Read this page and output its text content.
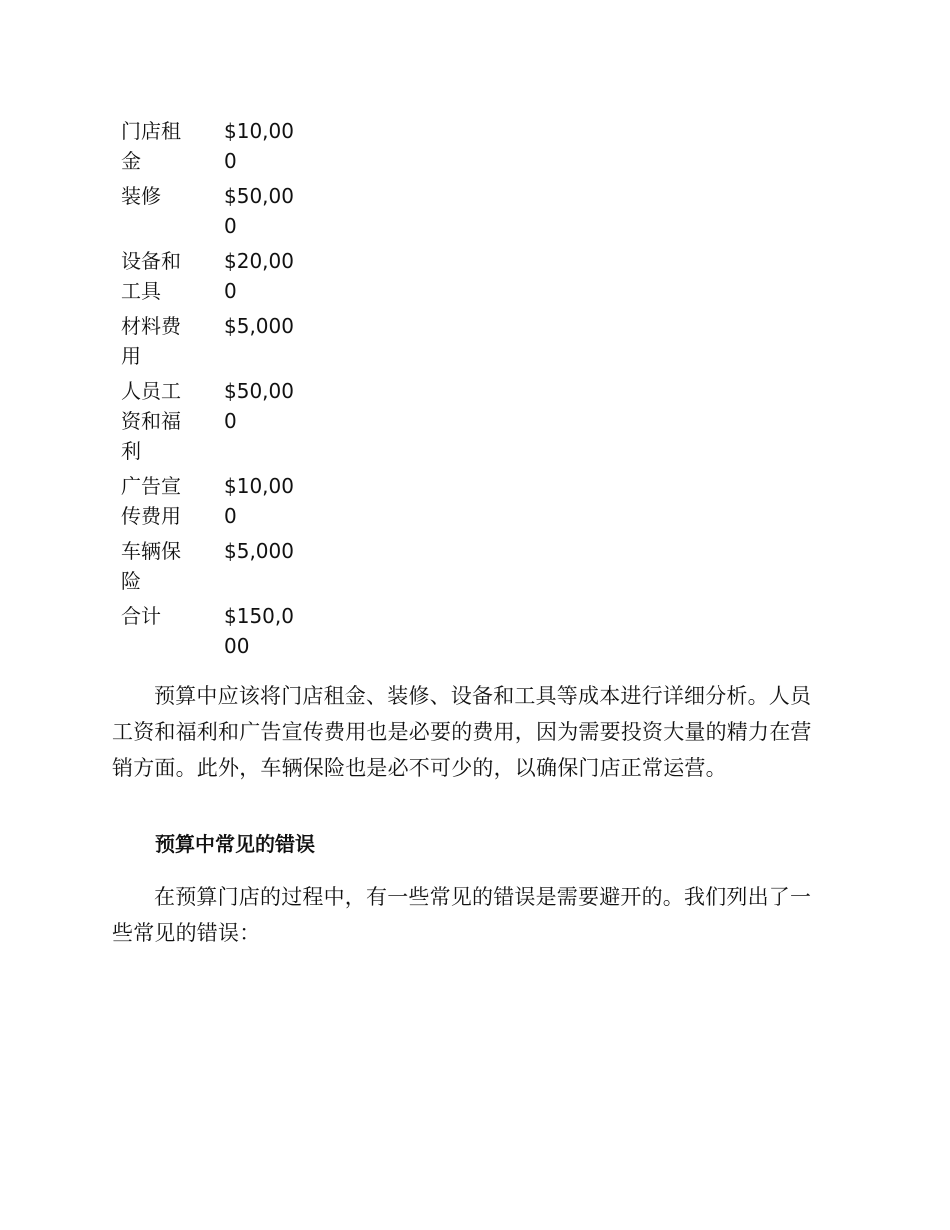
门店租金	$10,000
装修	$50,000
设备和工具	$20,000
材料费用	$5,000
人员工资和福利	$50,000
广告宣传费用	$10,000
车辆保险	$5,000
合计	$150,000

预算中应该将门店租金、装修、设备和工具等成本进行详细分析。人员工资和福利和广告宣传费用也是必要的费用，因为需要投资大量的精力在营销方面。此外，车辆保险也是必不可少的，以确保门店正常运营。

预算中常见的错误

在预算门店的过程中，有一些常见的错误是需要避开的。我们列出了一些常见的错误：
